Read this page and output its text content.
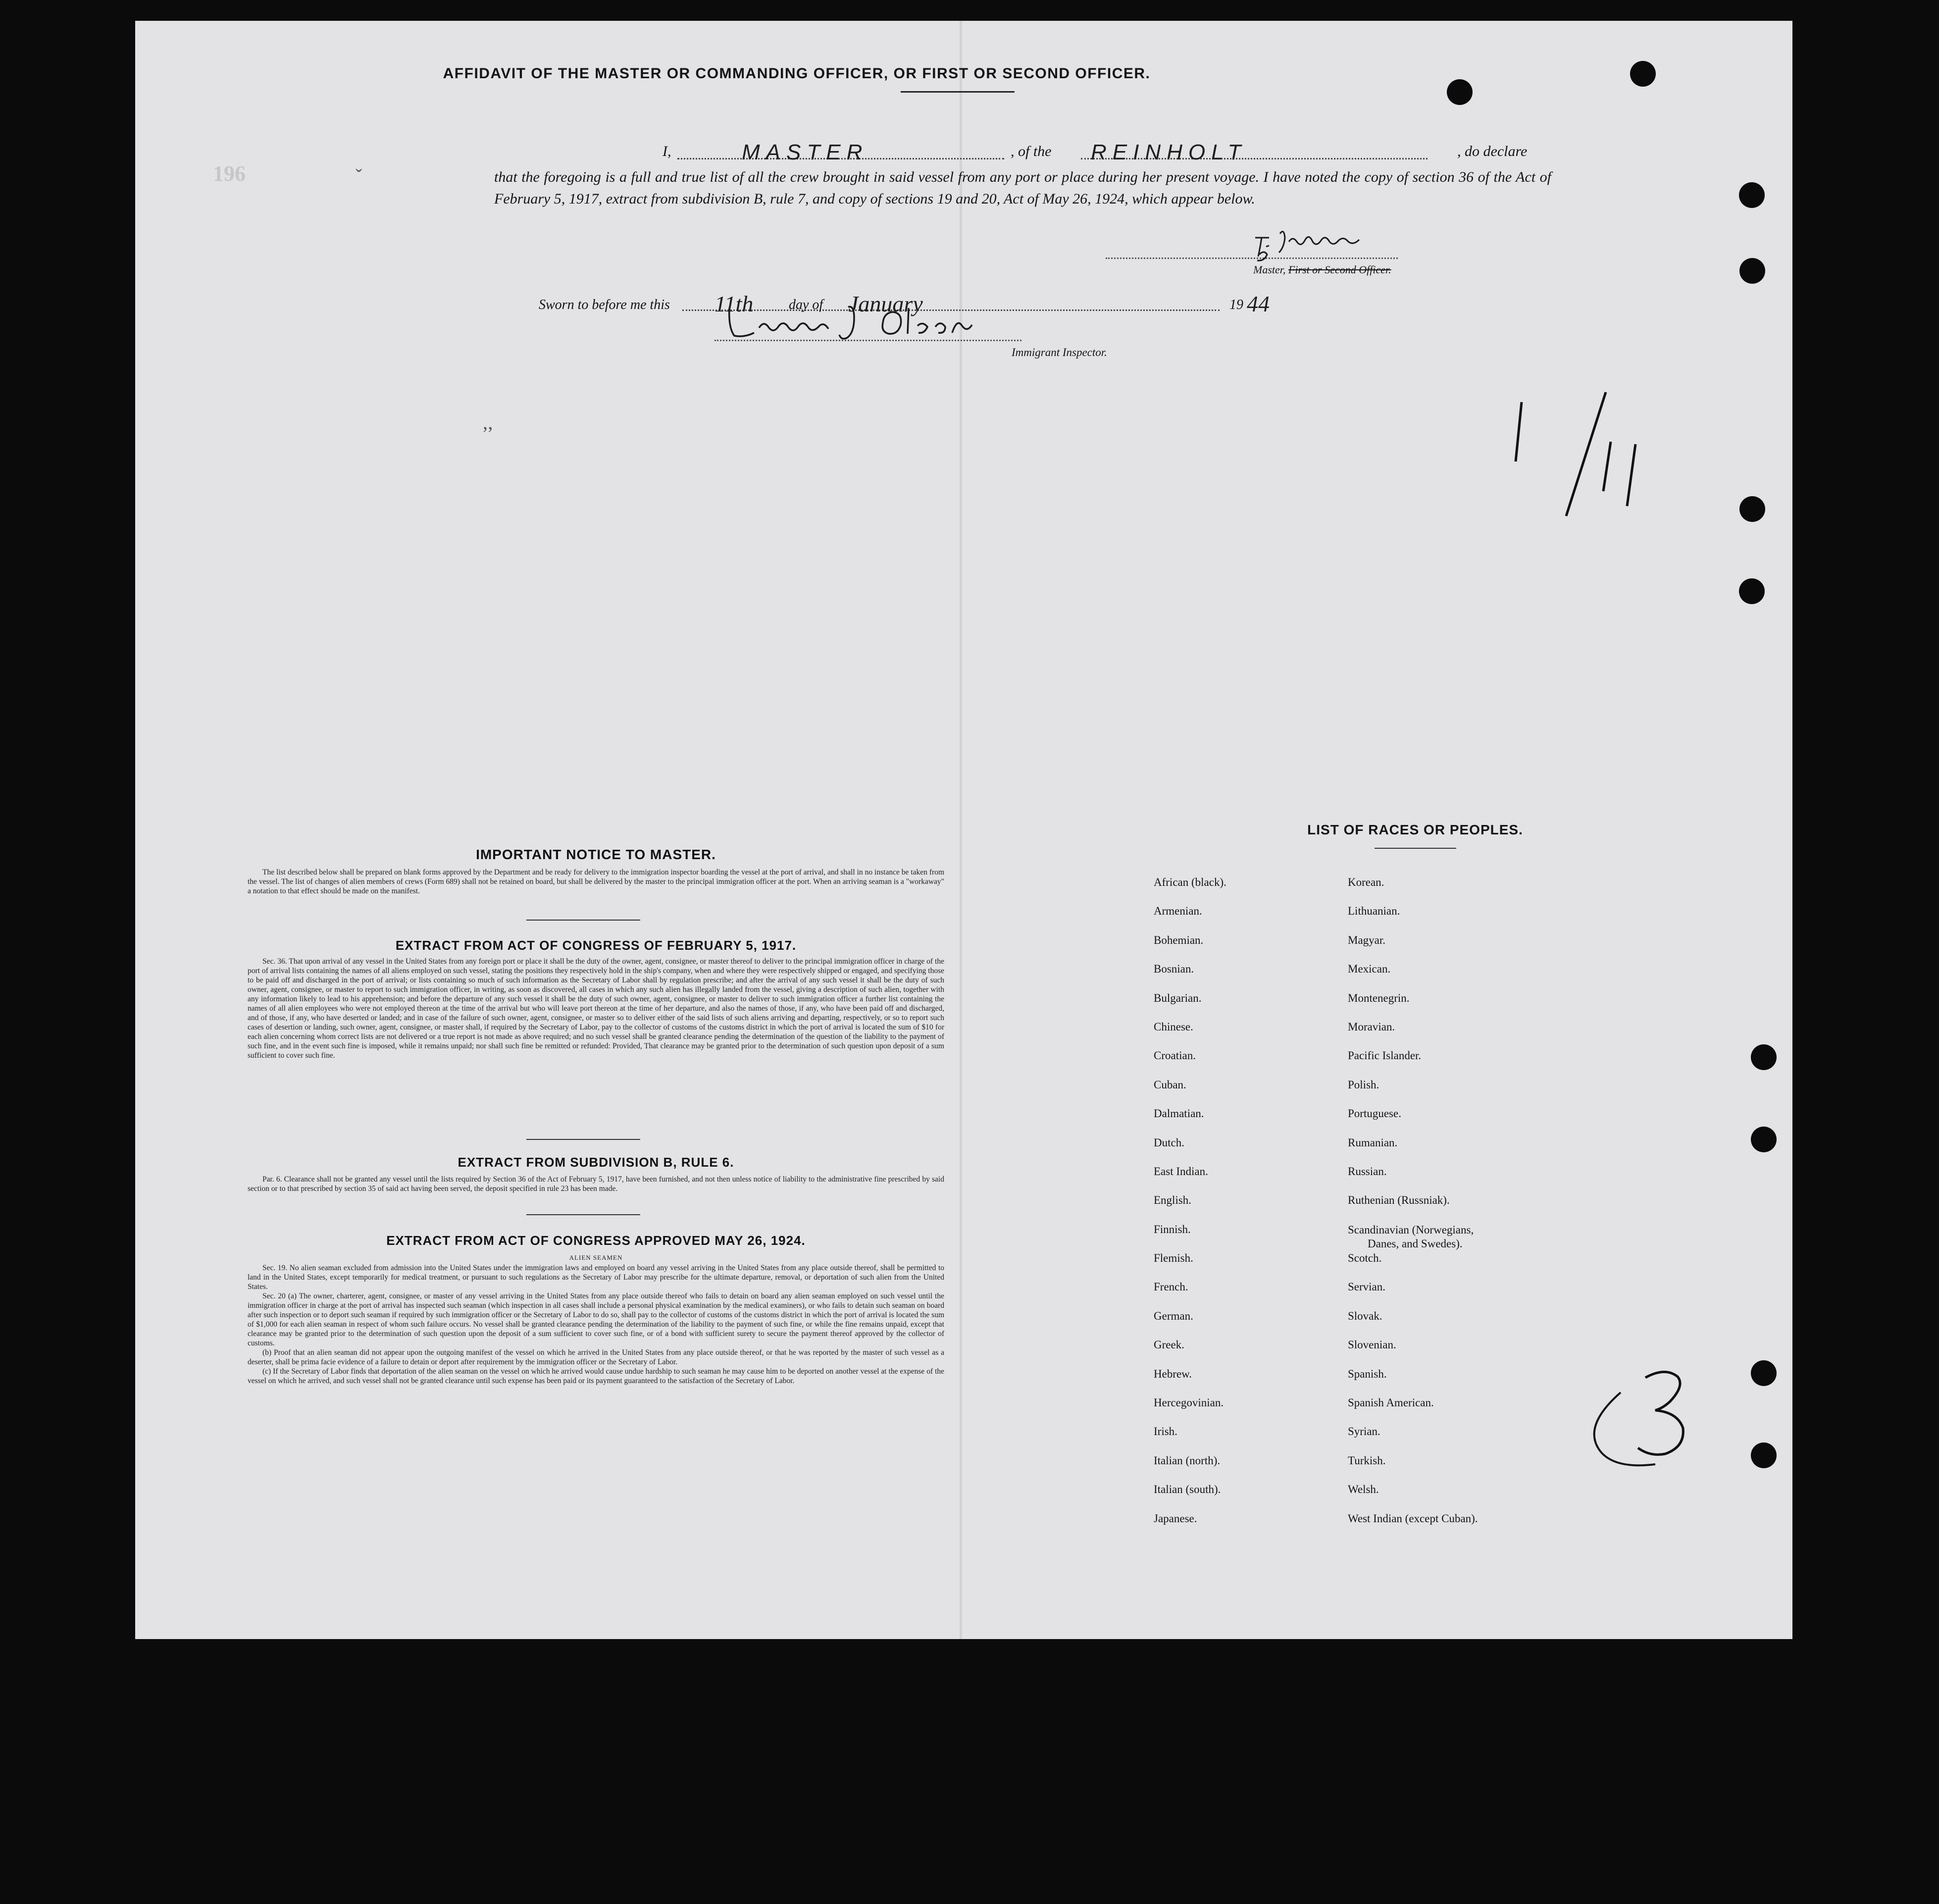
196	ˇ
’’
AFFIDAVIT OF THE MASTER OR COMMANDING OFFICER, OR FIRST OR SECOND OFFICER.
I,	MASTER	, of the REINHOLT	, do declare

that the foregoing is a full and true list of all the crew brought in said vessel from any port or place during her present voyage. I have noted the copy of section 36 of the Act of February 5, 1917, extract from subdivision B, rule 7, and copy of sections 19 and 20, Act of May 26, 1924, which appear below.

Master, First or Second Officer.
Sworn to before me this 11th	day of January	19 44
Immigrant Inspector.
IMPORTANT NOTICE TO MASTER.

The list described below shall be prepared on blank forms approved by the Department and be ready for delivery to the immigration inspector boarding the vessel at the port of arrival, and shall in no instance be taken from the vessel. The list of changes of alien members of crews (Form 689) shall not be retained on board, but shall be delivered by the master to the principal immigration officer at the port. When an arriving seaman is a "workaway" a notation to that effect should be made on the manifest.

EXTRACT FROM ACT OF CONGRESS OF FEBRUARY 5, 1917.

Sec. 36. That upon arrival of any vessel in the United States from any foreign port or place it shall be the duty of the owner, agent, consignee, or master thereof to deliver to the principal immigration officer in charge of the port of arrival lists containing the names of all aliens employed on such vessel, stating the positions they respectively hold in the ship's company, when and where they were respectively shipped or engaged, and specifying those to be paid off and discharged in the port of arrival; or lists containing so much of such information as the Secretary of Labor shall by regulation prescribe; and after the arrival of any such vessel it shall be the duty of such owner, agent, consignee, or master to report to such immigration officer, in writing, as soon as discovered, all cases in which any such alien has illegally landed from the vessel, giving a description of such alien, together with any information likely to lead to his apprehension; and before the departure of any such vessel it shall be the duty of such owner, agent, consignee, or master to deliver to such immigration officer a further list containing the names of all alien employees who were not employed thereon at the time of the arrival but who will leave port thereon at the time of her departure, and also the names of those, if any, who have been paid off and discharged, and of those, if any, who have deserted or landed; and in case of the failure of such owner, agent, consignee, or master so to deliver either of the said lists of such aliens arriving and departing, respectively, or so to report such cases of desertion or landing, such owner, agent, consignee, or master shall, if required by the Secretary of Labor, pay to the collector of customs of the customs district in which the port of arrival is located the sum of $10 for each alien concerning whom correct lists are not delivered or a true report is not made as above required; and no such vessel shall be granted clearance pending the determination of the question of the liability to the payment of such fine, and in the event such fine is imposed, while it remains unpaid; nor shall such fine be remitted or refunded: Provided, That clearance may be granted prior to the determination of such question upon deposit of a sum sufficient to cover such fine.

EXTRACT FROM SUBDIVISION B, RULE 6.

Par. 6. Clearance shall not be granted any vessel until the lists required by Section 36 of the Act of February 5, 1917, have been furnished, and not then unless notice of liability to the administrative fine prescribed by said section or to that prescribed by section 35 of said act having been served, the deposit specified in rule 23 has been made.

EXTRACT FROM ACT OF CONGRESS APPROVED MAY 26, 1924.

ALIEN SEAMEN

Sec. 19. No alien seaman excluded from admission into the United States under the immigration laws and employed on board any vessel arriving in the United States from any place outside thereof, shall be permitted to land in the United States, except temporarily for medical treatment, or pursuant to such regulations as the Secretary of Labor may prescribe for the ultimate departure, removal, or deportation of such alien from the United States.

Sec. 20 (a) The owner, charterer, agent, consignee, or master of any vessel arriving in the United States from any place outside thereof who fails to detain on board any alien seaman employed on such vessel until the immigration officer in charge at the port of arrival has inspected such seaman (which inspection in all cases shall include a personal physical examination by the medical examiners), or who fails to detain such seaman on board after such inspection or to deport such seaman if required by such immigration officer or the Secretary of Labor to do so, shall pay to the collector of customs of the customs district in which the port of arrival is located the sum of $1,000 for each alien seaman in respect of whom such failure occurs. No vessel shall be granted clearance pending the determination of the liability to the payment of such fine, or while the fine remains unpaid, except that clearance may be granted prior to the determination of such question upon the deposit of a sum sufficient to cover such fine, or of a bond with sufficient surety to secure the payment thereof approved by the collector of customs.

(b) Proof that an alien seaman did not appear upon the outgoing manifest of the vessel on which he arrived in the United States from any place outside thereof, or that he was reported by the master of such vessel as a deserter, shall be prima facie evidence of a failure to detain or deport after requirement by the immigration officer or the Secretary of Labor.

(c) If the Secretary of Labor finds that deportation of the alien seaman on the vessel on which he arrived would cause undue hardship to such seaman he may cause him to be deported on another vessel at the expense of the vessel on which he arrived, and such vessel shall not be granted clearance until such expense has been paid or its payment guaranteed to the satisfaction of the Secretary of Labor.

LIST OF RACES OR PEOPLES.
African (black).
Armenian.
Bohemian.
Bosnian.
Bulgarian.
Chinese.
Croatian.
Cuban.
Dalmatian.
Dutch.
East Indian.
English.
Finnish.
Flemish.
French.
German.
Greek.
Hebrew.
Hercegovinian.
Irish.
Italian (north).
Italian (south).
Japanese.
Korean.
Lithuanian.
Magyar.
Mexican.
Montenegrin.
Moravian.
Pacific Islander.
Polish.
Portuguese.
Rumanian.
Russian.
Ruthenian (Russniak).
Scandinavian (Norwegians,
Danes, and Swedes).
Scotch.
Servian.
Slovak.
Slovenian.
Spanish.
Spanish American.
Syrian.
Turkish.
Welsh.
West Indian (except Cuban).
